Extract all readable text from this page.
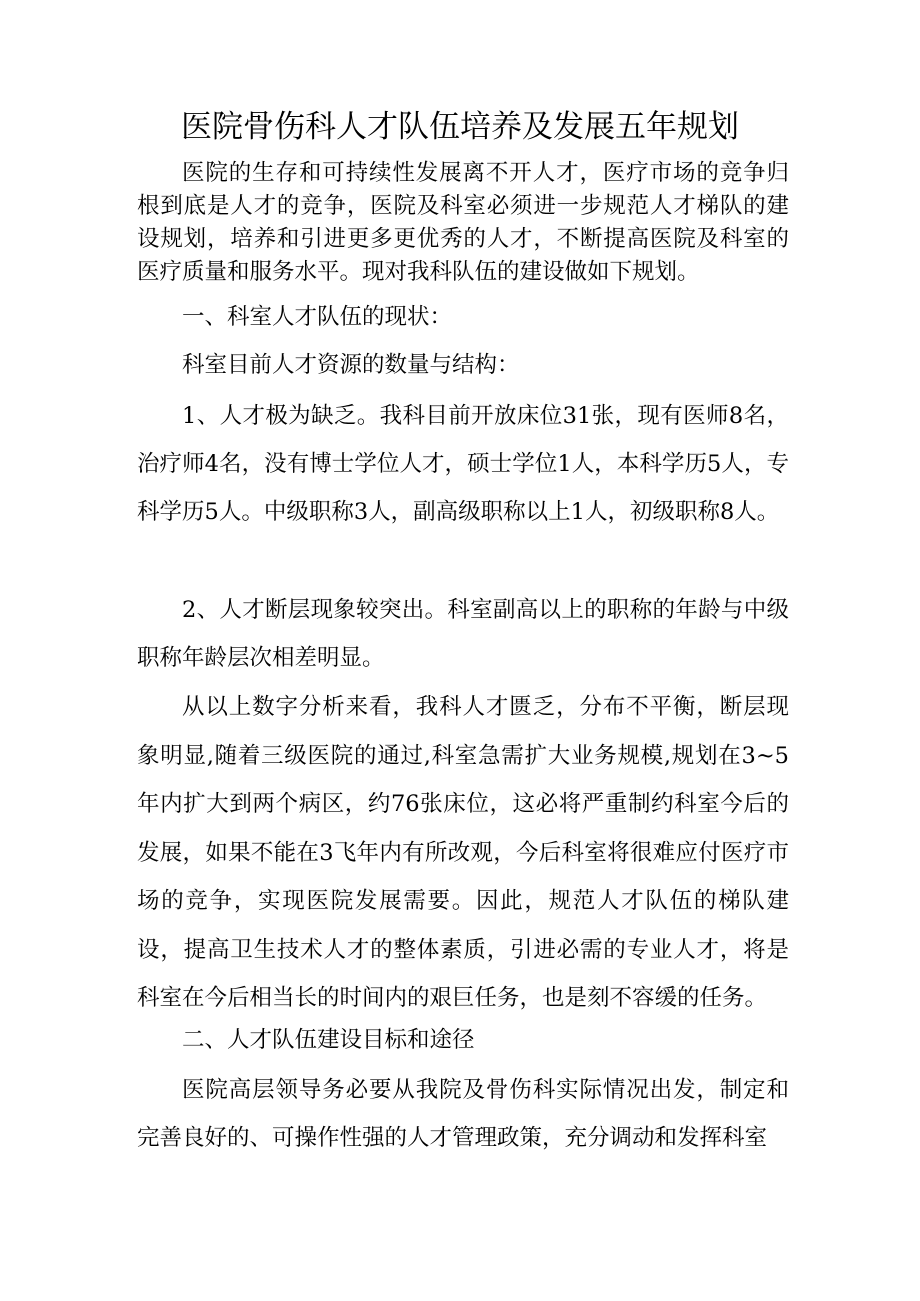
医院骨伤科人才队伍培养及发展五年规划

医院的生存和可持续性发展离不开人才，医疗市场的竞争归根到底是人才的竞争，医院及科室必须进一步规范人才梯队的建设规划，培养和引进更多更优秀的人才，不断提高医院及科室的医疗质量和服务水平。现对我科队伍的建设做如下规划。

一、科室人才队伍的现状：

科室目前人才资源的数量与结构：

1、人才极为缺乏。我科目前开放床位31张，现有医师8名，治疗师4名，没有博士学位人才，硕士学位1人，本科学历5人，专科学历5人。中级职称3人，副高级职称以上1人，初级职称8人。

2、人才断层现象较突出。科室副高以上的职称的年龄与中级职称年龄层次相差明显。

从以上数字分析来看，我科人才匮乏，分布不平衡，断层现象明显,随着三级医院的通过,科室急需扩大业务规模,规划在3~5年内扩大到两个病区，约76张床位，这必将严重制约科室今后的发展，如果不能在3飞年内有所改观，今后科室将很难应付医疗市场的竞争，实现医院发展需要。因此，规范人才队伍的梯队建设，提高卫生技术人才的整体素质，引进必需的专业人才，将是科室在今后相当长的时间内的艰巨任务，也是刻不容缓的任务。

二、人才队伍建设目标和途径

医院高层领导务必要从我院及骨伤科实际情况出发，制定和完善良好的、可操作性强的人才管理政策，充分调动和发挥科室
